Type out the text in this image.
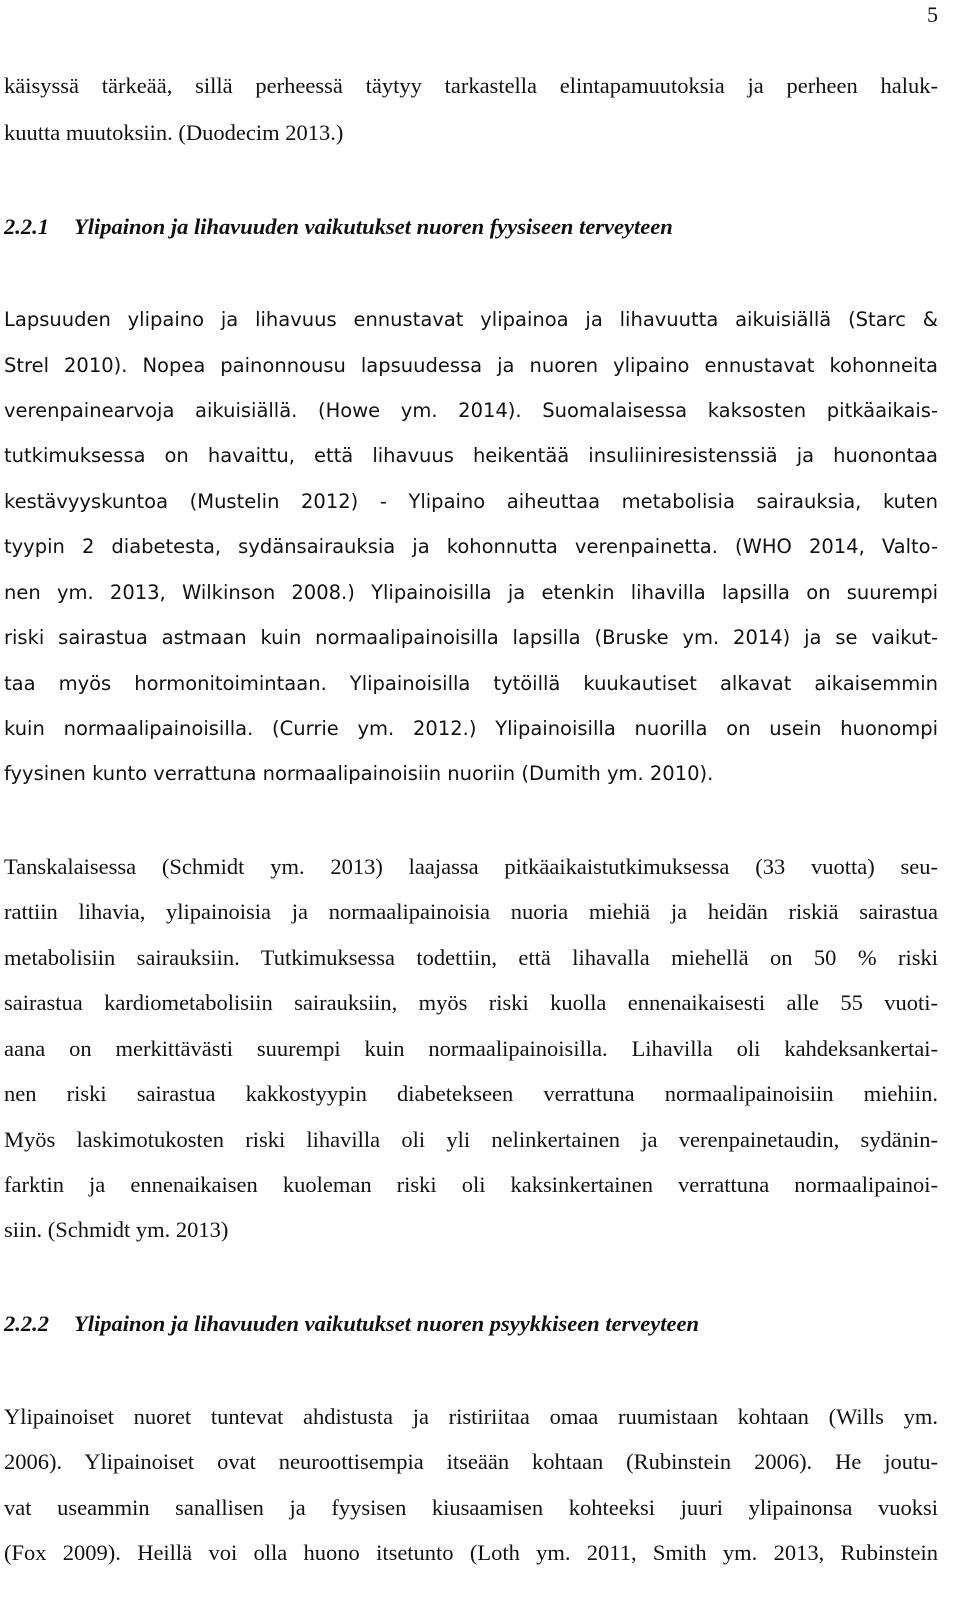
5
käisyssä tärkeää, sillä perheessä täytyy tarkastella elintapamuutoksia ja perheen haluk-
kuutta muutoksiin. (Duodecim 2013.)
2.2.1 Ylipainon ja lihavuuden vaikutukset nuoren fyysiseen terveyteen
Lapsuuden ylipaino ja lihavuus ennustavat ylipainoa ja lihavuutta aikuisiällä (Starc &
Strel 2010). Nopea painonnousu lapsuudessa ja nuoren ylipaino ennustavat kohonneita
verenpainearvoja aikuisiällä. (Howe ym. 2014). Suomalaisessa kaksosten pitkäaikais-
tutkimuksessa on havaittu, että lihavuus heikentää insuliiniresistenssiä ja huonontaa
kestävyyskuntoa (Mustelin 2012) - Ylipaino aiheuttaa metabolisia sairauksia, kuten
tyypin 2 diabetesta, sydänsairauksia ja kohonnutta verenpainetta. (WHO 2014, Valto-
nen ym. 2013, Wilkinson 2008.) Ylipainoisilla ja etenkin lihavilla lapsilla on suurempi
riski sairastua astmaan kuin normaalipainoisilla lapsilla (Bruske ym. 2014) ja se vaikut-
taa myös hormonitoimintaan. Ylipainoisilla tytöillä kuukautiset alkavat aikaisemmin
kuin normaalipainoisilla. (Currie ym. 2012.) Ylipainoisilla nuorilla on usein huonompi
fyysinen kunto verrattuna normaalipainoisiin nuoriin (Dumith ym. 2010).
Tanskalaisessa (Schmidt ym. 2013) laajassa pitkäaikaistutkimuksessa (33 vuotta) seu-
rattiin lihavia, ylipainoisia ja normaalipainoisia nuoria miehiä ja heidän riskiä sairastua
metabolisiin sairauksiin. Tutkimuksessa todettiin, että lihavalla miehellä on 50 % riski
sairastua kardiometabolisiin sairauksiin, myös riski kuolla ennenaikaisesti alle 55 vuoti-
aana on merkittävästi suurempi kuin normaalipainoisilla. Lihavilla oli kahdeksankertai-
nen riski sairastua kakkostyypin diabetekseen verrattuna normaalipainoisiin miehiin.
Myös laskimotukosten riski lihavilla oli yli nelinkertainen ja verenpainetaudin, sydänin-
farktin ja ennenaikaisen kuoleman riski oli kaksinkertainen verrattuna normaalipainoi-
siin. (Schmidt ym. 2013)
2.2.2 Ylipainon ja lihavuuden vaikutukset nuoren psyykkiseen terveyteen
Ylipainoiset nuoret tuntevat ahdistusta ja ristiriitaa omaa ruumistaan kohtaan (Wills ym.
2006). Ylipainoiset ovat neuroottisempia itseään kohtaan (Rubinstein 2006). He joutu-
vat useammin sanallisen ja fyysisen kiusaamisen kohteeksi juuri ylipainonsa vuoksi
(Fox 2009). Heillä voi olla huono itsetunto (Loth ym. 2011, Smith ym. 2013, Rubinstein
